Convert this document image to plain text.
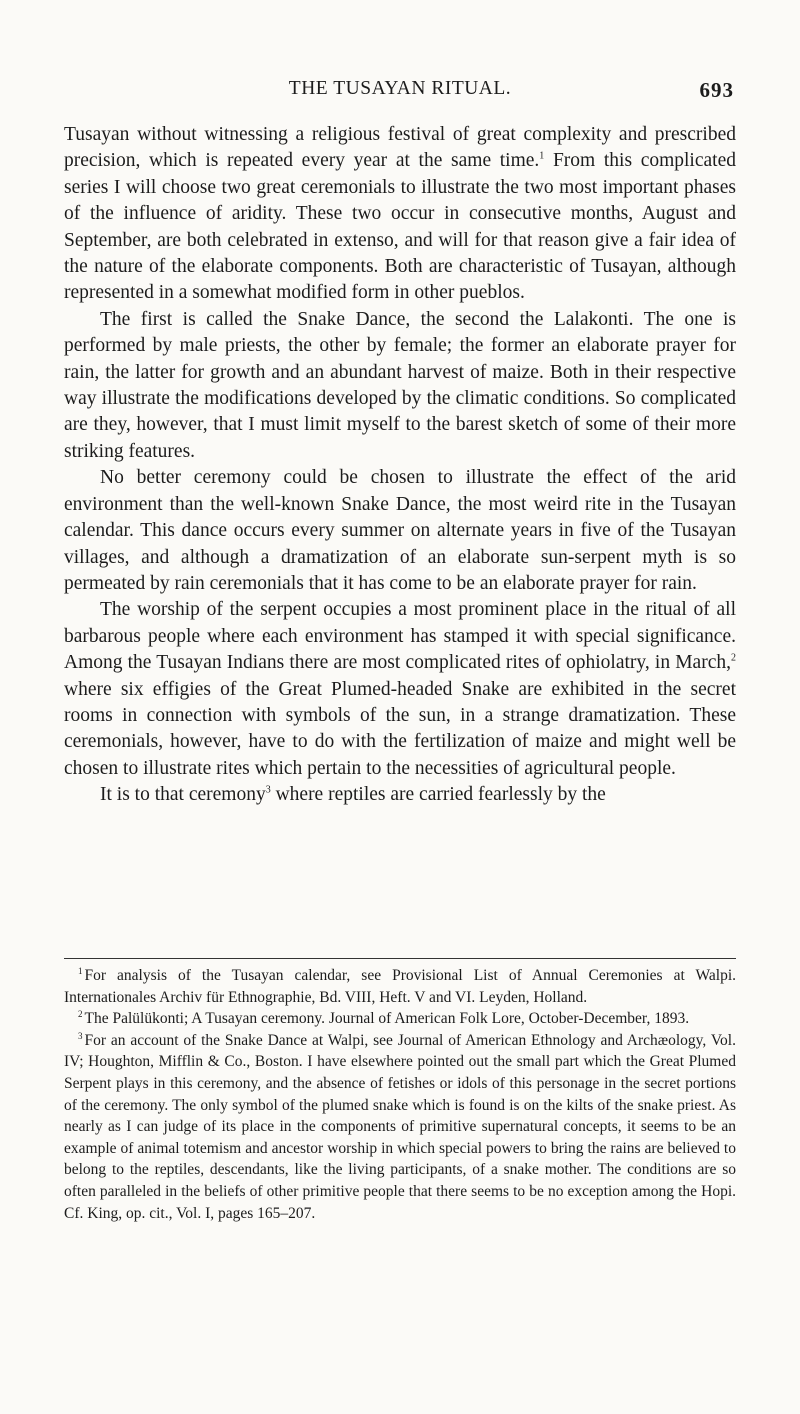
THE TUSAYAN RITUAL.	693

Tusayan without witnessing a religious festival of great complexity and prescribed precision, which is repeated every year at the same time.$^1$ From this complicated series I will choose two great ceremonials to illustrate the two most important phases of the influence of aridity. These two occur in consecutive months, August and September, are both celebrated in extenso, and will for that reason give a fair idea of the nature of the elaborate components. Both are characteristic of Tusayan, although represented in a somewhat modified form in other pueblos.

The first is called the Snake Dance, the second the Lalakonti. The one is performed by male priests, the other by female; the former an elaborate prayer for rain, the latter for growth and an abundant harvest of maize. Both in their respective way illustrate the modifications developed by the climatic conditions. So complicated are they, however, that I must limit myself to the barest sketch of some of their more striking features.

No better ceremony could be chosen to illustrate the effect of the arid environment than the well-known Snake Dance, the most weird rite in the Tusayan calendar. This dance occurs every summer on alternate years in five of the Tusayan villages, and although a dramatization of an elaborate sun-serpent myth is so permeated by rain ceremonials that it has come to be an elaborate prayer for rain.

The worship of the serpent occupies a most prominent place in the ritual of all barbarous people where each environment has stamped it with special significance. Among the Tusayan Indians there are most complicated rites of ophiolatry, in March,$^2$ where six effigies of the Great Plumed-headed Snake are exhibited in the secret rooms in connection with symbols of the sun, in a strange dramatization. These ceremonials, however, have to do with the fertilization of maize and might well be chosen to illustrate rites which pertain to the necessities of agricultural people.

It is to that ceremony$^3$ where reptiles are carried fearlessly by the

$^1$ For analysis of the Tusayan calendar, see Provisional List of Annual Ceremonies at Walpi. Internationales Archiv für Ethnographie, Bd. VIII, Heft. V and VI. Leyden, Holland.

$^2$ The Palülükonti; A Tusayan ceremony. Journal of American Folk Lore, October-December, 1893.

$^3$ For an account of the Snake Dance at Walpi, see Journal of American Ethnology and Archæology, Vol. IV; Houghton, Mifflin & Co., Boston. I have elsewhere pointed out the small part which the Great Plumed Serpent plays in this ceremony, and the absence of fetishes or idols of this personage in the secret portions of the ceremony. The only symbol of the plumed snake which is found is on the kilts of the snake priest. As nearly as I can judge of its place in the components of primitive supernatural concepts, it seems to be an example of animal totemism and ancestor worship in which special powers to bring the rains are believed to belong to the reptiles, descendants, like the living participants, of a snake mother. The conditions are so often paralleled in the beliefs of other primitive people that there seems to be no exception among the Hopi. Cf. King, op. cit., Vol. I, pages 165–207.
